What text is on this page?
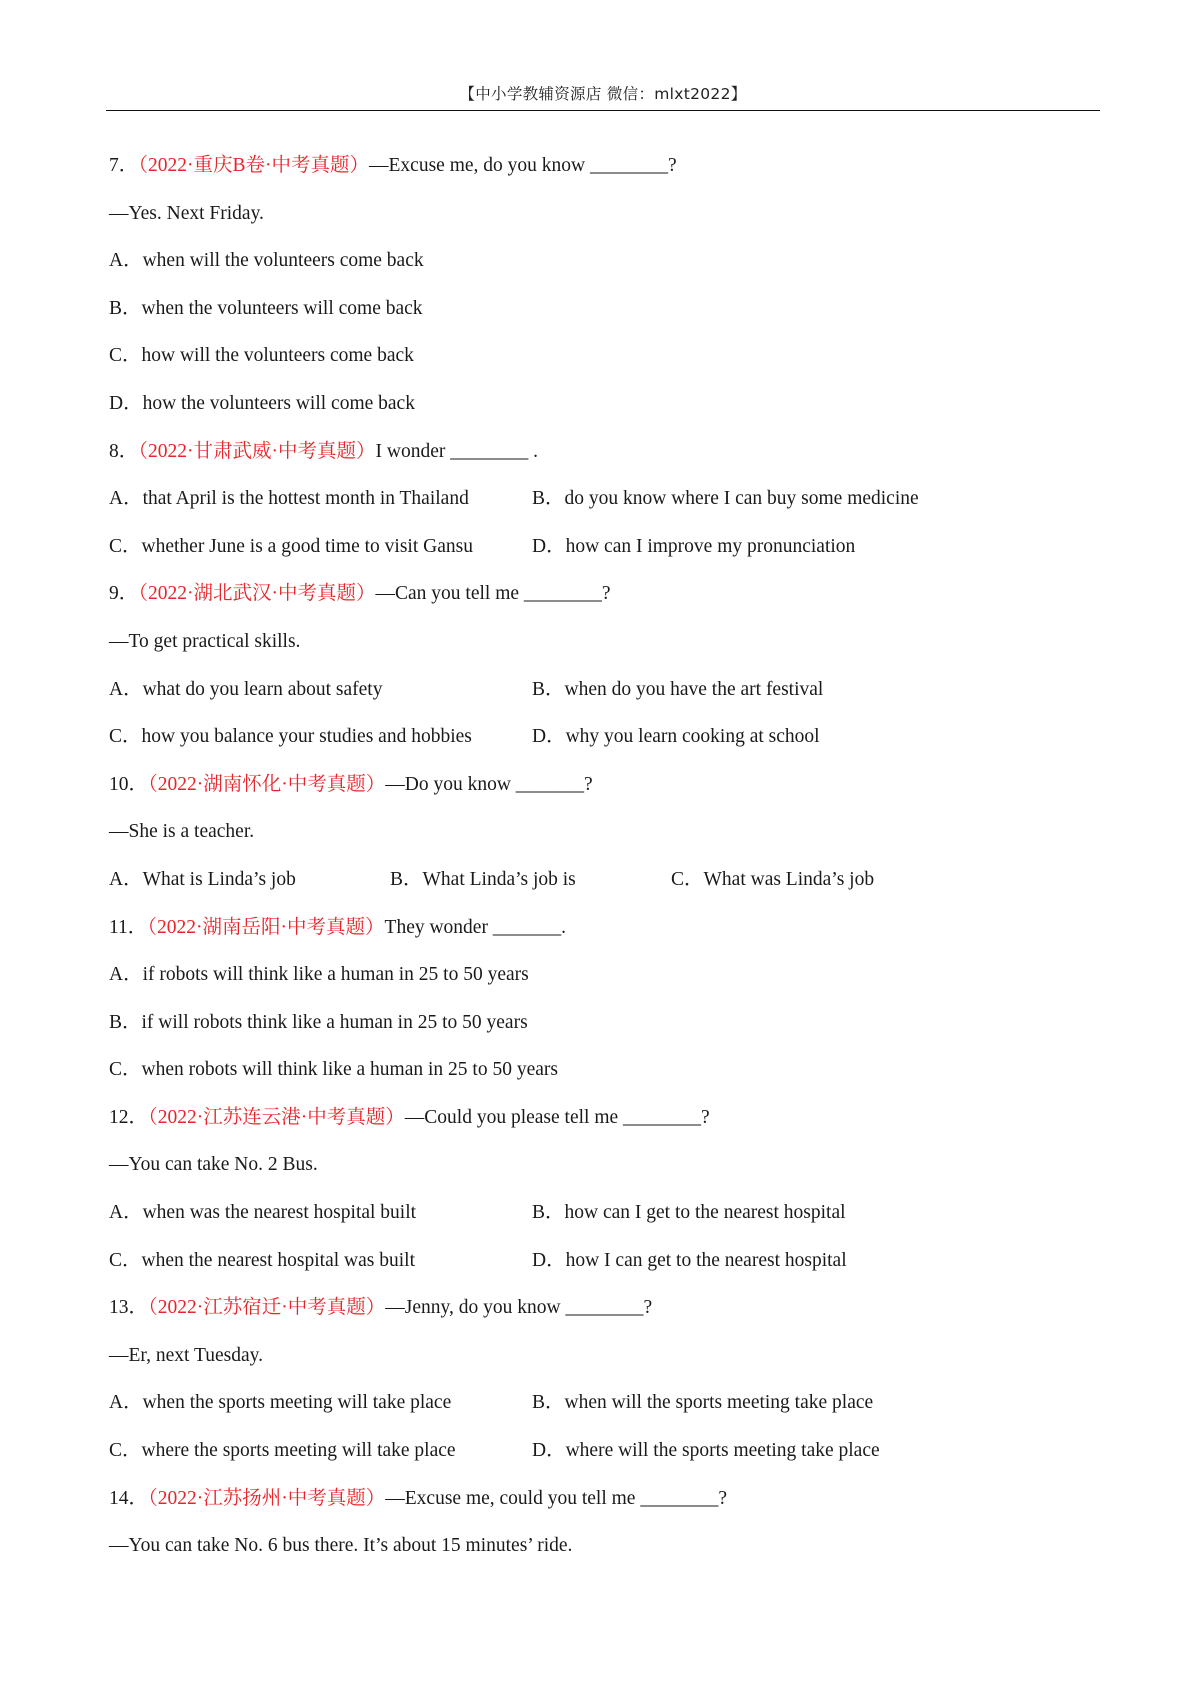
【中小学教辅资源店 微信：mlxt2022】
7．（2022·重庆B卷·中考真题）—Excuse me, do you know ________?
—Yes. Next Friday.
A．when will the volunteers come back
B．when the volunteers will come back
C．how will the volunteers come back
D．how the volunteers will come back
8．（2022·甘肃武威·中考真题）I wonder ________ .
A．that April is the hottest month in Thailand	B．do you know where I can buy some medicine
C．whether June is a good time to visit Gansu	D．how can I improve my pronunciation
9．（2022·湖北武汉·中考真题）—Can you tell me ________?
—To get practical skills.
A．what do you learn about safety	B．when do you have the art festival
C．how you balance your studies and hobbies	D．why you learn cooking at school
10．（2022·湖南怀化·中考真题）—Do you know _______?
—She is a teacher.
A．What is Linda’s job	B．What Linda’s job is	C．What was Linda’s job
11．（2022·湖南岳阳·中考真题）They wonder _______.
A．if robots will think like a human in 25 to 50 years
B．if will robots think like a human in 25 to 50 years
C．when robots will think like a human in 25 to 50 years
12．（2022·江苏连云港·中考真题）—Could you please tell me ________?
—You can take No. 2 Bus.
A．when was the nearest hospital built	B．how can I get to the nearest hospital
C．when the nearest hospital was built	D．how I can get to the nearest hospital
13．（2022·江苏宿迁·中考真题）—Jenny, do you know ________?
—Er, next Tuesday.
A．when the sports meeting will take place	B．when will the sports meeting take place
C．where the sports meeting will take place	D．where will the sports meeting take place
14．（2022·江苏扬州·中考真题）—Excuse me, could you tell me ________?
—You can take No. 6 bus there. It’s about 15 minutes’ ride.
